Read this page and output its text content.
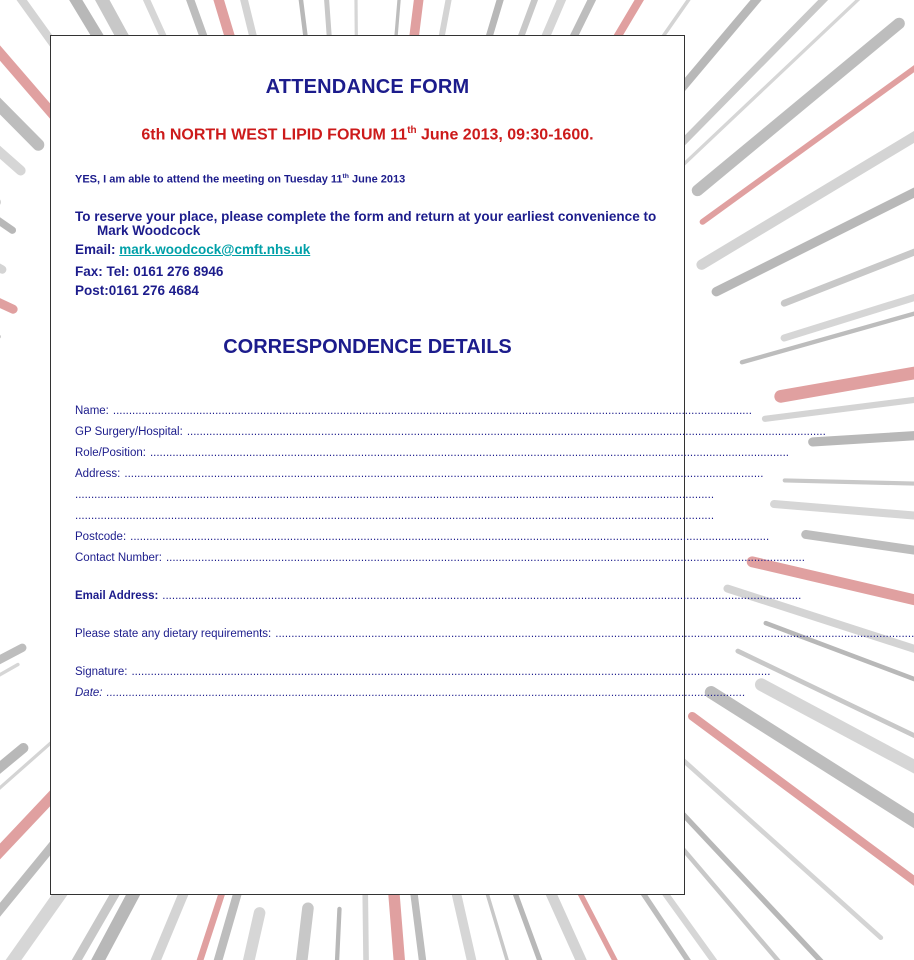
ATTENDANCE FORM
6th NORTH WEST LIPID FORUM 11th June 2013, 09:30-1600.
YES, I am able to attend the meeting on Tuesday 11th June 2013
To reserve your place, please complete the form and return at your earliest convenience to Mark Woodcock
Email: mark.woodcock@cmft.nhs.uk
Fax: Tel: 0161 276 8946
Post:0161 276 4684
CORRESPONDENCE DETAILS
Name: ........................................................................................................................................................................................................
GP Surgery/Hospital: ........................................................................................................................................................................................................
Role/Position: ........................................................................................................................................................................................................
Address: ........................................................................................................................................................................................................
........................................................................................................................................................................................................
........................................................................................................................................................................................................
Postcode: ........................................................................................................................................................................................................
Contact Number: ........................................................................................................................................................................................................
Email Address: ........................................................................................................................................................................................................
Please state any dietary requirements: ........................................................................................................................................................................................................
Signature: ........................................................................................................................................................................................................
Date: ........................................................................................................................................................................................................
